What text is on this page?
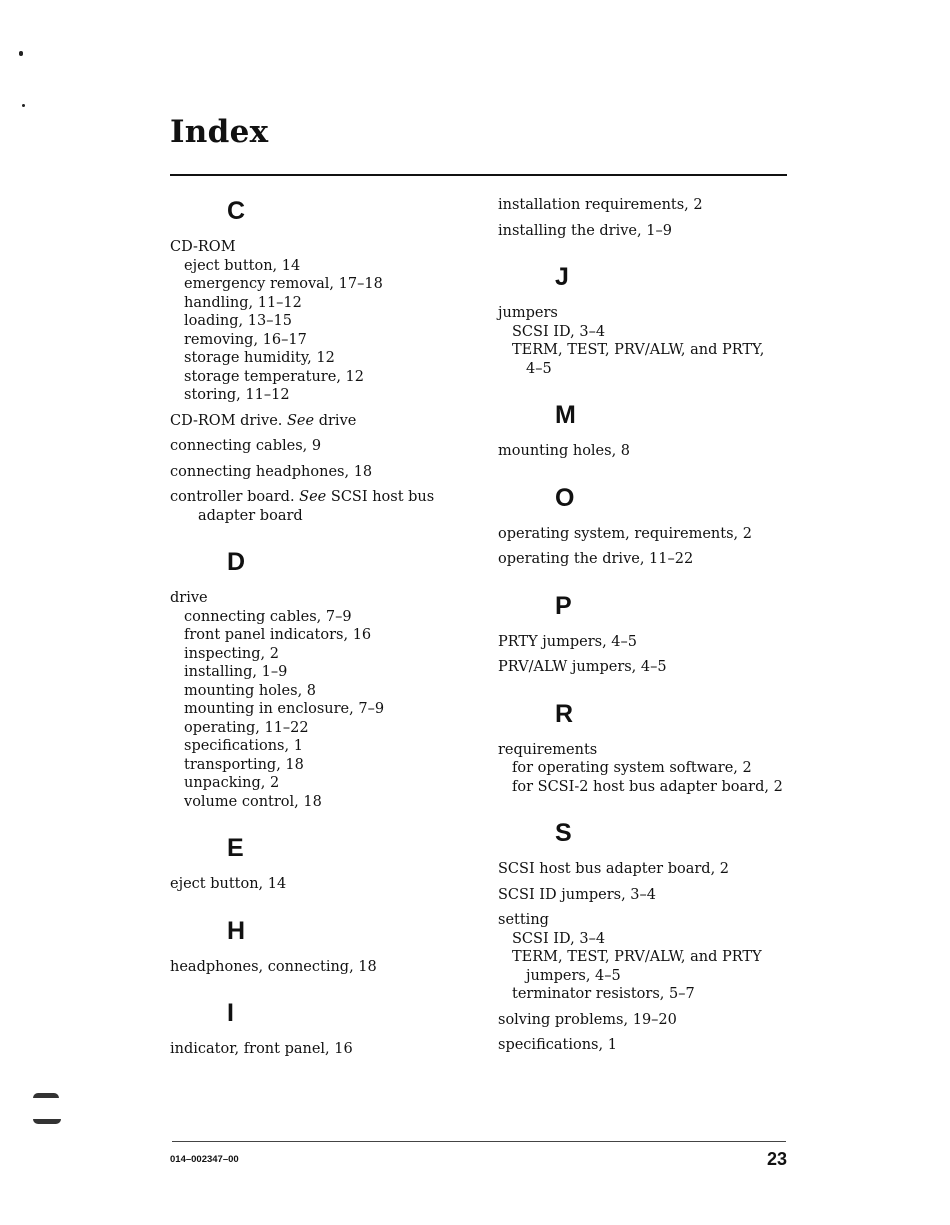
Index
C
CD-ROM
eject button, 14
emergency removal, 17–18
handling, 11–12
loading, 13–15
removing, 16–17
storage humidity, 12
storage temperature, 12
storing, 11–12
CD-ROM drive. See drive
connecting cables, 9
connecting headphones, 18
controller board. See SCSI host bus
adapter board
D
drive
connecting cables, 7–9
front panel indicators, 16
inspecting, 2
installing, 1–9
mounting holes, 8
mounting in enclosure, 7–9
operating, 11–22
specifications, 1
transporting, 18
unpacking, 2
volume control, 18
E
eject button, 14
H
headphones, connecting, 18
I
indicator, front panel, 16
installation requirements, 2
installing the drive, 1–9
J
jumpers
SCSI ID, 3–4
TERM, TEST, PRV/ALW, and PRTY,
4–5
M
mounting holes, 8
O
operating system, requirements, 2
operating the drive, 11–22
P
PRTY jumpers, 4–5
PRV/ALW jumpers, 4–5
R
requirements
for operating system software, 2
for SCSI-2 host bus adapter board, 2
S
SCSI host bus adapter board, 2
SCSI ID jumpers, 3–4
setting
SCSI ID, 3–4
TERM, TEST, PRV/ALW, and PRTY
jumpers, 4–5
terminator resistors, 5–7
solving problems, 19–20
specifications, 1
014–002347–00	23
